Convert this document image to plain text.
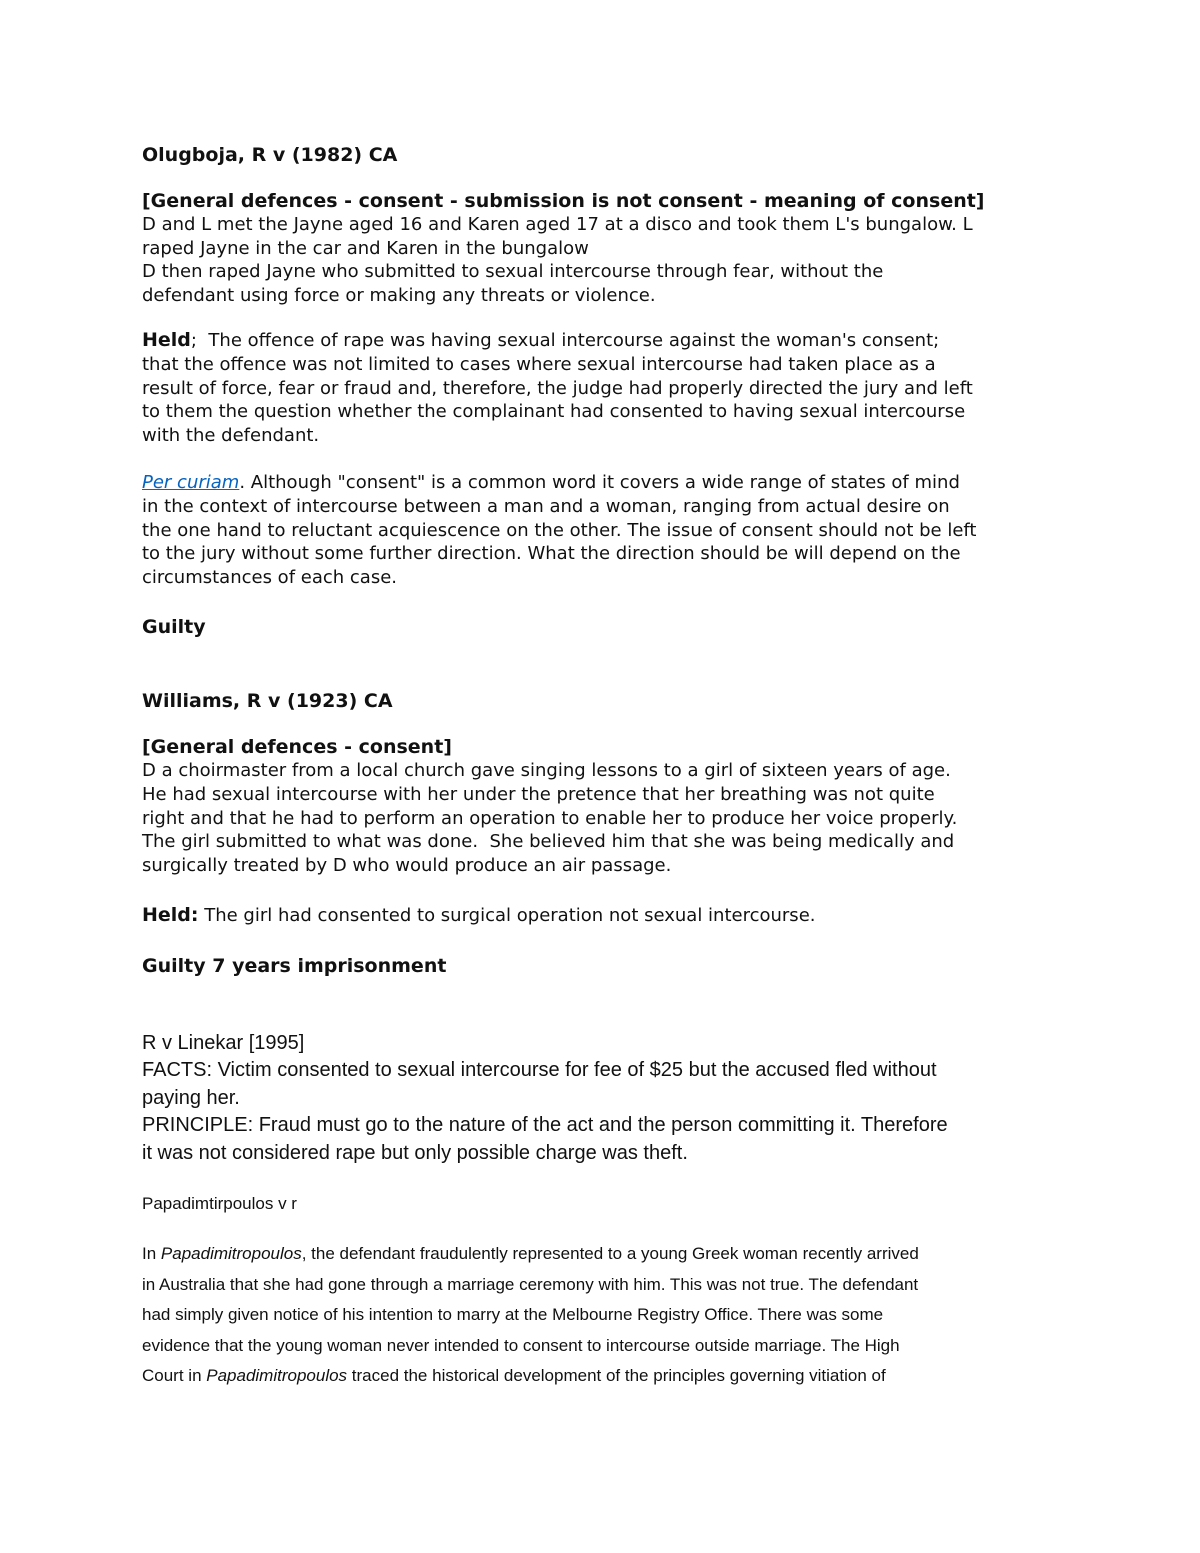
Olugboja, R v (1982) CA

[General defences - consent - submission is not consent - meaning of consent]

D and L met the Jayne aged 16 and Karen aged 17 at a disco and took them L's bungalow. L

raped Jayne in the car and Karen in the bungalow

D then raped Jayne who submitted to sexual intercourse through fear, without the

defendant using force or making any threats or violence.

Held;  The offence of rape was having sexual intercourse against the woman's consent;

that the offence was not limited to cases where sexual intercourse had taken place as a

result of force, fear or fraud and, therefore, the judge had properly directed the jury and left

to them the question whether the complainant had consented to having sexual intercourse

with the defendant.

Per curiam. Although "consent" is a common word it covers a wide range of states of mind

in the context of intercourse between a man and a woman, ranging from actual desire on

the one hand to reluctant acquiescence on the other. The issue of consent should not be left

to the jury without some further direction. What the direction should be will depend on the

circumstances of each case.

Guilty

Williams, R v (1923) CA

[General defences - consent]

D a choirmaster from a local church gave singing lessons to a girl of sixteen years of age.

He had sexual intercourse with her under the pretence that her breathing was not quite

right and that he had to perform an operation to enable her to produce her voice properly.

The girl submitted to what was done.  She believed him that she was being medically and

surgically treated by D who would produce an air passage.

Held: The girl had consented to surgical operation not sexual intercourse.

Guilty 7 years imprisonment

R v Linekar [1995]

FACTS: Victim consented to sexual intercourse for fee of $25 but the accused fled without

paying her.

PRINCIPLE: Fraud must go to the nature of the act and the person committing it. Therefore

it was not considered rape but only possible charge was theft.

Papadimtirpoulos v r

In Papadimitropoulos, the defendant fraudulently represented to a young Greek woman recently arrived

in Australia that she had gone through a marriage ceremony with him. This was not true. The defendant

had simply given notice of his intention to marry at the Melbourne Registry Office. There was some

evidence that the young woman never intended to consent to intercourse outside marriage. The High

Court in Papadimitropoulos traced the historical development of the principles governing vitiation of
